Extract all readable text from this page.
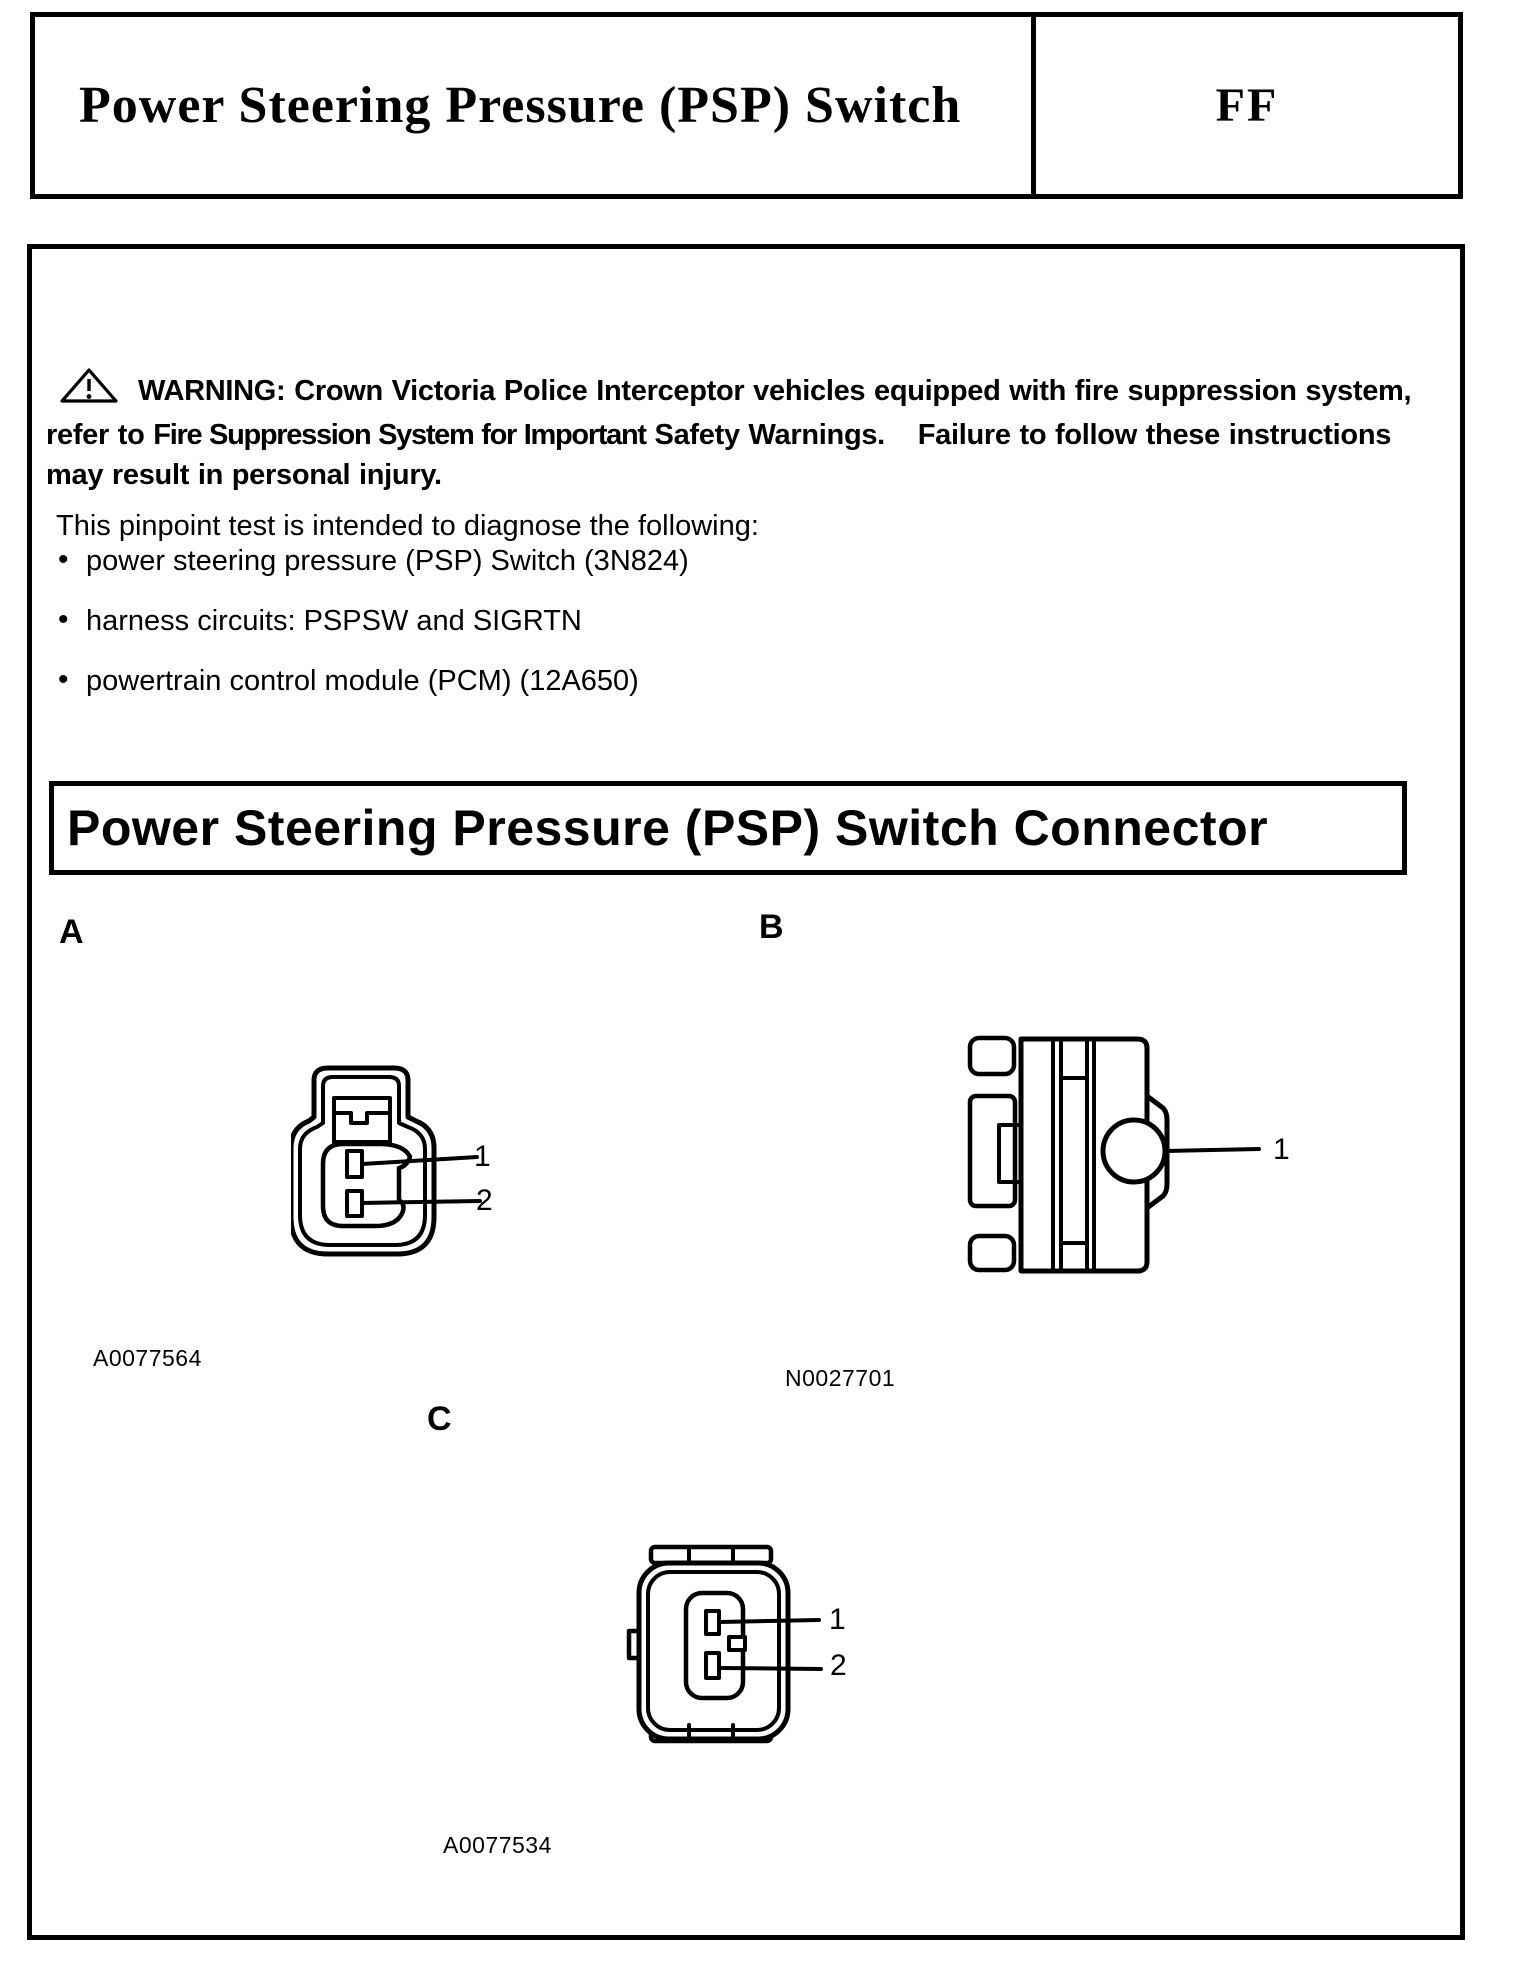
Power Steering Pressure (PSP) Switch	FF

WARNING: Crown Victoria Police Interceptor vehicles equipped with fire suppression system, refer to Fire Suppression System for Important Safety Warnings. Failure to follow these instructions may result in personal injury.

This pinpoint test is intended to diagnose the following:

• power steering pressure (PSP) Switch (3N824)
• harness circuits: PSPSW and SIGRTN
• powertrain control module (PCM) (12A650)
Power Steering Pressure (PSP) Switch Connector
A	B
C
1
2
A0077564
1
N0027701
1
2
A0077534
